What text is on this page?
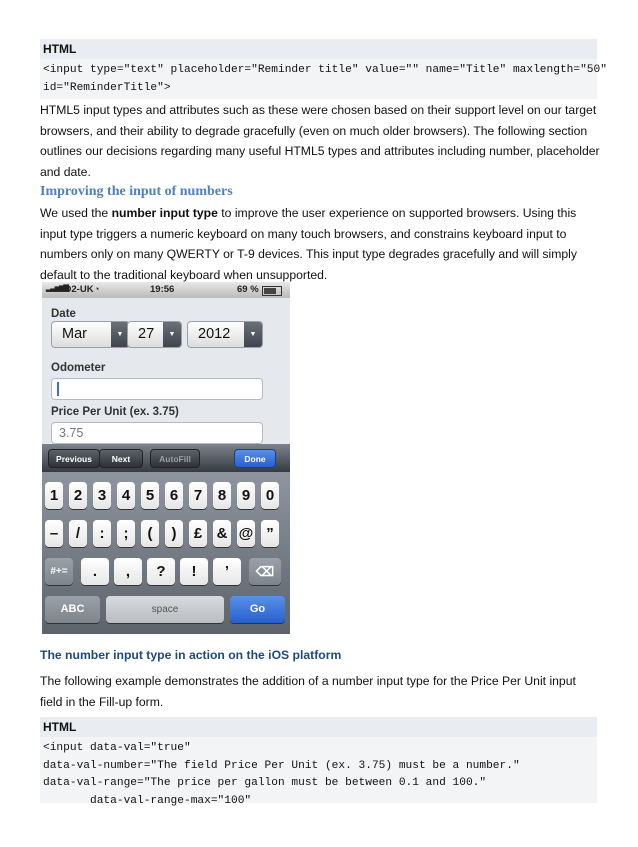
HTML
<input type="text" placeholder="Reminder title" value="" name="Title" maxlength="50"
id="ReminderTitle">
HTML5 input types and attributes such as these were chosen based on their support level on our target
browsers, and their ability to degrade gracefully (even on much older browsers). The following section
outlines our decisions regarding many useful HTML5 types and attributes including number, placeholder
and date.
Improving the input of numbers
We used the number input type to improve the user experience on supported browsers. Using this
input type triggers a numeric keyboard on many touch browsers, and constrains keyboard input to
numbers only on many QWERTY or T-9 devices. This input type degrades gracefully and will simply
default to the traditional keyboard when unsupported.
▂▃▅▆▇
O2-UK ◔	19:56	69 %
Date
Mar	▼	27	▼	2012	▼
Odometer
Price Per Unit (ex. 3.75)
3.75
Previous	Next	AutoFill	Done
1	2	3	4	5	6	7	8	9	0
–	/	:	;	(	)	£ & @ ”
#+=	.	,	?	!	’	⌫
ABC	space	Go
The number input type in action on the iOS platform
The following example demonstrates the addition of a number input type for the Price Per Unit input
field in the Fill-up form.
HTML
<input data-val="true"
data-val-number="The field Price Per Unit (ex. 3.75) must be a number."
data-val-range="The price per gallon must be between 0.1 and 100."
data-val-range-max="100"
